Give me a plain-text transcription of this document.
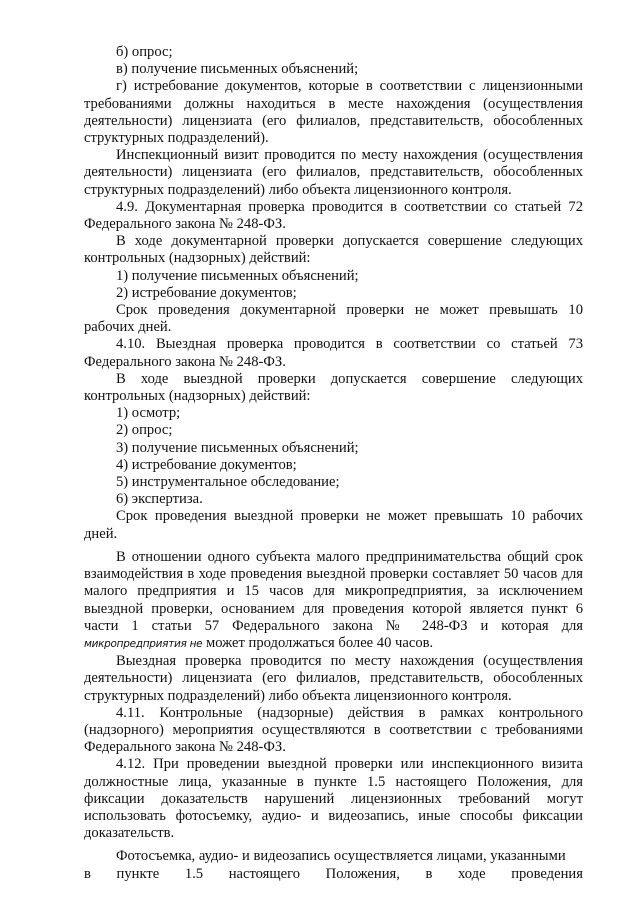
б) опрос;
в) получение письменных объяснений;

г) истребование документов, которые в соответствии с лицензионными требованиями должны находиться в месте нахождения (осуществления деятельности) лицензиата (его филиалов, представительств, обособленных структурных подразделений).

Инспекционный визит проводится по месту нахождения (осуществления деятельности) лицензиата (его филиалов, представительств, обособленных структурных подразделений) либо объекта лицензионного контроля.

4.9. Документарная проверка проводится в соответствии со статьей 72 Федерального закона № 248-ФЗ.

В ходе документарной проверки допускается совершение следующих контрольных (надзорных) действий:

1) получение письменных объяснений;
2) истребование документов;

Срок проведения документарной проверки не может превышать 10 рабочих дней.

4.10. Выездная проверка проводится в соответствии со статьей 73 Федерального закона № 248-ФЗ.

В ходе выездной проверки допускается совершение следующих контрольных (надзорных) действий:

1) осмотр;
2) опрос;
3) получение письменных объяснений;
4) истребование документов;
5) инструментальное обследование;
6) экспертиза.

Срок проведения выездной проверки не может превышать 10 рабочих дней.

В отношении одного субъекта малого предпринимательства общий срок взаимодействия в ходе проведения выездной проверки составляет 50 часов для малого предприятия и 15 часов для микропредприятия, за исключением выездной проверки, основанием для проведения которой является пункт 6 части 1 статьи 57 Федерального закона № 248-ФЗ и которая для микропредприятия не может продолжаться более 40 часов.

Выездная проверка проводится по месту нахождения (осуществления деятельности) лицензиата (его филиалов, представительств, обособленных структурных подразделений) либо объекта лицензионного контроля.

4.11. Контрольные (надзорные) действия в рамках контрольного (надзорного) мероприятия осуществляются в соответствии с требованиями Федерального закона № 248-ФЗ.

4.12. При проведении выездной проверки или инспекционного визита должностные лица, указанные в пункте 1.5 настоящего Положения, для фиксации доказательств нарушений лицензионных требований могут использовать фотосъемку, аудио- и видеозапись, иные способы фиксации доказательств.

Фотосъемка, аудио- и видеозапись осуществляется лицами, указанными

в пункте 1.5 настоящего Положения, в ходе проведения
